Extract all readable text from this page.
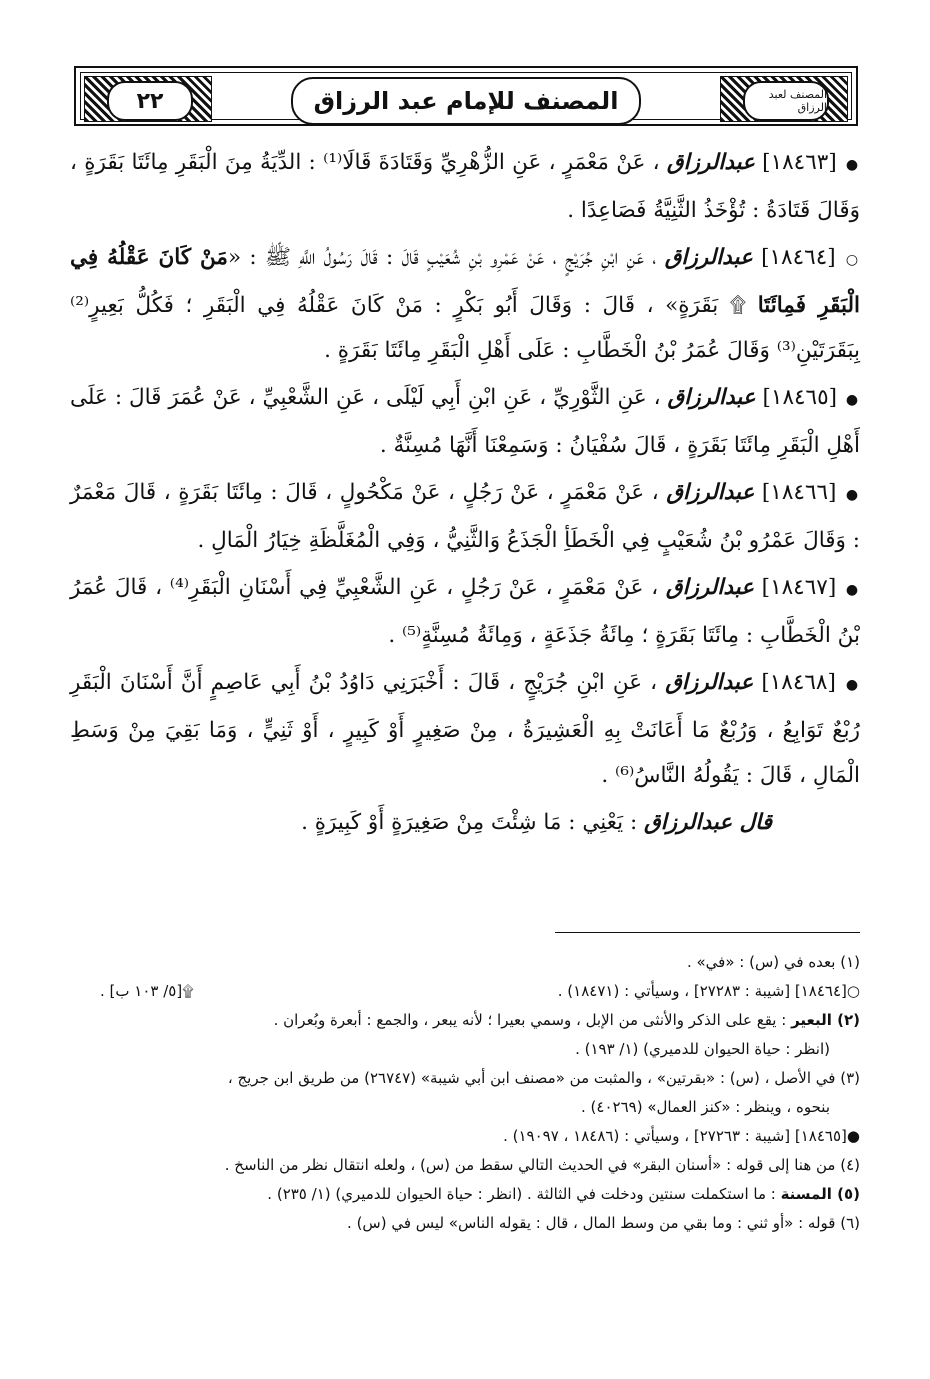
٢٢	المصنف للإمام عبد الرزاق	المصنف لعبد الرزاق
● [١٨٤٦٣] عبدالرزاق ، عَنْ مَعْمَرٍ ، عَنِ الزُّهْرِيِّ وَقَتَادَةَ قَالَا⁽¹⁾ : الدِّيَةُ مِنَ الْبَقَرِ مِائَتَا بَقَرَةٍ ، وَقَالَ قَتَادَةُ : تُؤْخَذُ الثَّنِيَّةُ فَصَاعِدًا .
○ [١٨٤٦٤] عبدالرزاق ، عَنِ ابْنِ جُرَيْجٍ ، عَنْ عَمْرِو بْنِ شُعَيْبٍ قَالَ : قَالَ رَسُولُ اللَّهِ ﷺ : «مَنْ كَانَ عَقْلُهُ فِي الْبَقَرِ فَمِائَتَا ۩ بَقَرَةٍ» ، قَالَ : وَقَالَ أَبُو بَكْرٍ : مَنْ كَانَ عَقْلُهُ فِي الْبَقَرِ ؛ فَكُلُّ بَعِيرٍ⁽²⁾ بِبَقَرَتَيْنِ⁽³⁾ وَقَالَ عُمَرُ بْنُ الْخَطَّابِ : عَلَى أَهْلِ الْبَقَرِ مِائَتَا بَقَرَةٍ .
● [١٨٤٦٥] عبدالرزاق ، عَنِ الثَّوْرِيِّ ، عَنِ ابْنِ أَبِي لَيْلَى ، عَنِ الشَّعْبِيِّ ، عَنْ عُمَرَ قَالَ : عَلَى أَهْلِ الْبَقَرِ مِائَتَا بَقَرَةٍ ، قَالَ سُفْيَانُ : وَسَمِعْنَا أَنَّهَا مُسِنَّةٌ .
● [١٨٤٦٦] عبدالرزاق ، عَنْ مَعْمَرٍ ، عَنْ رَجُلٍ ، عَنْ مَكْحُولٍ ، قَالَ : مِائَتَا بَقَرَةٍ ، قَالَ مَعْمَرٌ : وَقَالَ عَمْرُو بْنُ شُعَيْبٍ فِي الْخَطَأِ الْجَذَعُ وَالثَّنِيُّ ، وَفِي الْمُغَلَّظَةِ خِيَارُ الْمَالِ .
● [١٨٤٦٧] عبدالرزاق ، عَنْ مَعْمَرٍ ، عَنْ رَجُلٍ ، عَنِ الشَّعْبِيِّ فِي أَسْنَانِ الْبَقَرِ⁽⁴⁾ ، قَالَ عُمَرُ بْنُ الْخَطَّابِ : مِائَتَا بَقَرَةٍ ؛ مِائَةُ جَذَعَةٍ ، وَمِائَةُ مُسِنَّةٍ⁽⁵⁾ .
● [١٨٤٦٨] عبدالرزاق ، عَنِ ابْنِ جُرَيْجٍ ، قَالَ : أَخْبَرَنِي دَاوُدُ بْنُ أَبِي عَاصِمٍ أَنَّ أَسْنَانَ الْبَقَرِ رُبْعٌ تَوَابِعُ ، وَرُبْعٌ مَا أَعَانَتْ بِهِ الْعَشِيرَةُ ، مِنْ صَغِيرٍ أَوْ كَبِيرٍ ، أَوْ ثَنِيٍّ ، وَمَا بَقِيَ مِنْ وَسَطِ الْمَالِ ، قَالَ : يَقُولُهُ النَّاسُ⁽⁶⁾ .
قال عبدالرزاق : يَعْنِي : مَا شِئْتَ مِنْ صَغِيرَةٍ أَوْ كَبِيرَةٍ .
(١) بعده في (س) : «في» .
○[١٨٤٦٤] [شيبة : ٢٧٢٨٣] ، وسيأتي : (١٨٤٧١) .
۩[٥/ ١٠٣ ب] .
(٢) البعير : يقع على الذكر والأنثى من الإبل ، وسمي بعيرا ؛ لأنه يبعر ، والجمع : أبعرة وبُعران .
(انظر : حياة الحيوان للدميري) (١/ ١٩٣) .
(٣) في الأصل ، (س) : «بقرتين» ، والمثبت من «مصنف ابن أبي شيبة» (٢٦٧٤٧) من طريق ابن جريج ،
بنحوه ، وينظر : «كنز العمال» (٤٠٢٦٩) .
●[١٨٤٦٥] [شيبة : ٢٧٢٦٣] ، وسيأتي : (١٨٤٨٦ ، ١٩٠٩٧) .
(٤) من هنا إلى قوله : «أسنان البقر» في الحديث التالي سقط من (س) ، ولعله انتقال نظر من الناسخ .
(٥) المسنة : ما استكملت سنتين ودخلت في الثالثة . (انظر : حياة الحيوان للدميري) (١/ ٢٣٥) .
(٦) قوله : «أو ثني : وما بقي من وسط المال ، قال : يقوله الناس» ليس في (س) .
